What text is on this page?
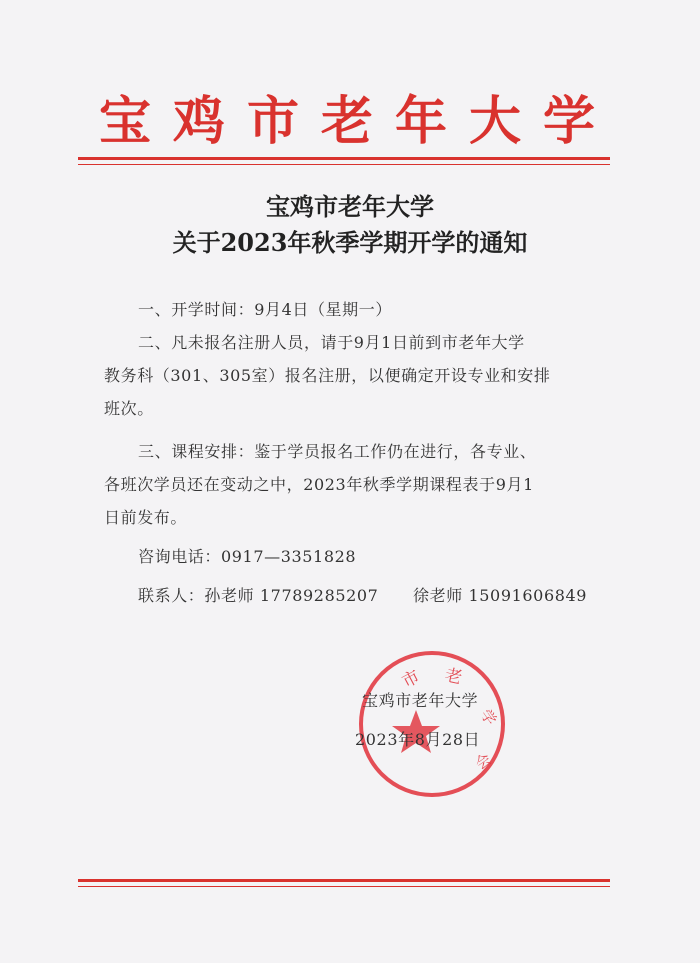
宝鸡市老年大学
宝鸡市老年大学
关于2023年秋季学期开学的通知
一、开学时间：9月4日（星期一）
二、凡未报名注册人员，请于9月1日前到市老年大学
教务科（301、305室）报名注册，以便确定开设专业和安排
班次。
三、课程安排：鉴于学员报名工作仍在进行，各专业、
各班次学员还在变动之中，2023年秋季学期课程表于9月1
日前发布。
咨询电话：0917—3351828
联系人：孙老师 17789285207 徐老师 15091606849
市 老
学
会
宝鸡市老年大学
2023年8月28日
